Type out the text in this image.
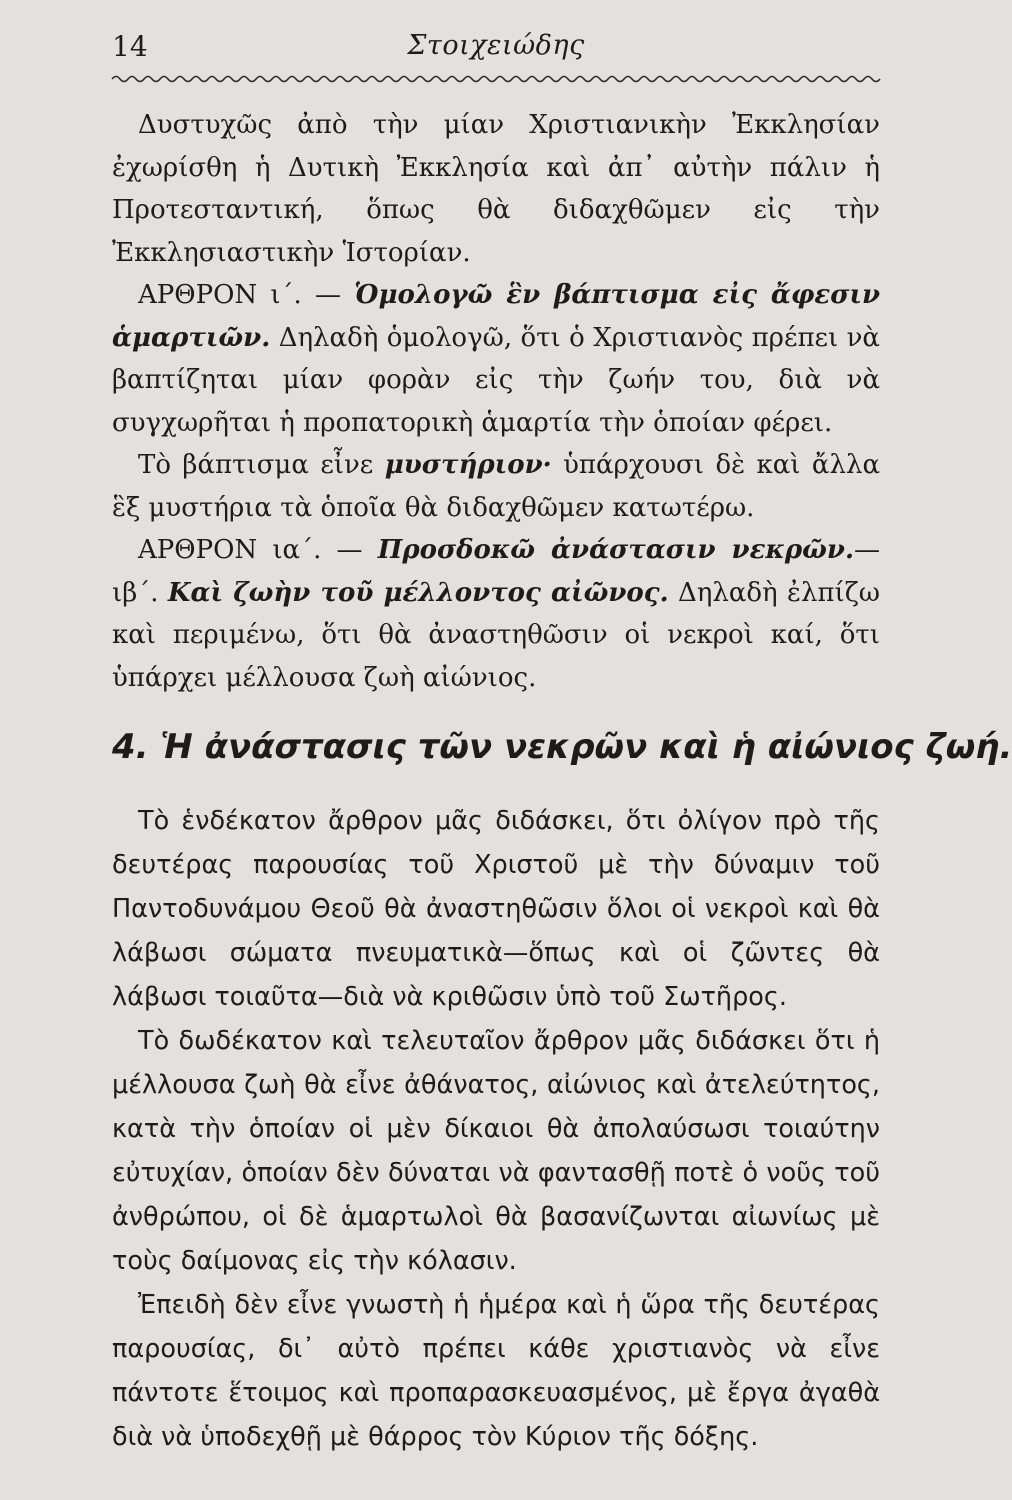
14	Στοιχειώδης

Δυστυχῶς ἀπὸ τὴν μίαν Χριστιανικὴν Ἐκκλησίαν ἐχωρίσθη ἡ Δυτικὴ Ἐκκλησία καὶ ἀπ᾿ αὐτὴν πάλιν ἡ Προτεσταντική, ὅπως θὰ διδαχθῶμεν εἰς τὴν Ἐκκλησιαστικὴν Ἱστορίαν.

ΑΡΘΡΟΝ ι΄. — Ὁμολογῶ ἓν βάπτισμα εἰς ἄφεσιν ἁμαρτιῶν. Δηλαδὴ ὁμολογῶ, ὅτι ὁ Χριστιανὸς πρέπει νὰ βαπτίζηται μίαν φορὰν εἰς τὴν ζωήν του, διὰ νὰ συγχωρῆται ἡ προπατορικὴ ἁμαρτία τὴν ὁποίαν φέρει.

Τὸ βάπτισμα εἶνε μυστήριον· ὑπάρχουσι δὲ καὶ ἄλλα ἓξ μυστήρια τὰ ὁποῖα θὰ διδαχθῶμεν κατωτέρω.

ΑΡΘΡΟΝ ια΄. — Προσδοκῶ ἀνάστασιν νεκρῶν.—ιβ΄. Καὶ ζωὴν τοῦ μέλλοντος αἰῶνος. Δηλαδὴ ἐλπίζω καὶ περιμένω, ὅτι θὰ ἀναστηθῶσιν οἱ νεκροὶ καί, ὅτι ὑπάρχει μέλλουσα ζωὴ αἰώνιος.

4. Ἡ ἀνάστασις τῶν νεκρῶν καὶ ἡ αἰώνιος ζωή.

Τὸ ἑνδέκατον ἄρθρον μᾶς διδάσκει, ὅτι ὀλίγον πρὸ τῆς δευτέρας παρουσίας τοῦ Χριστοῦ μὲ τὴν δύναμιν τοῦ Παντοδυνάμου Θεοῦ θὰ ἀναστηθῶσιν ὅλοι οἱ νεκροὶ καὶ θὰ λάβωσι σώματα πνευματικὰ—ὅπως καὶ οἱ ζῶντες θὰ λάβωσι τοιαῦτα—διὰ νὰ κριθῶσιν ὑπὸ τοῦ Σωτῆρος.

Τὸ δωδέκατον καὶ τελευταῖον ἄρθρον μᾶς διδάσκει ὅτι ἡ μέλλουσα ζωὴ θὰ εἶνε ἀθάνατος, αἰώνιος καὶ ἀτελεύτητος, κατὰ τὴν ὁποίαν οἱ μὲν δίκαιοι θὰ ἀπολαύσωσι τοιαύτην εὐτυχίαν, ὁποίαν δὲν δύναται νὰ φαντασθῇ ποτὲ ὁ νοῦς τοῦ ἀνθρώπου, οἱ δὲ ἁμαρτωλοὶ θὰ βασανίζωνται αἰωνίως μὲ τοὺς δαίμονας εἰς τὴν κόλασιν.

Ἐπειδὴ δὲν εἶνε γνωστὴ ἡ ἡμέρα καὶ ἡ ὥρα τῆς δευτέρας παρουσίας, δι᾿ αὐτὸ πρέπει κάθε χριστιανὸς νὰ εἶνε πάντοτε ἕτοιμος καὶ προπαρασκευασμένος, μὲ ἔργα ἀγαθὰ διὰ νὰ ὑποδεχθῇ μὲ θάρρος τὸν Κύριον τῆς δόξης.
